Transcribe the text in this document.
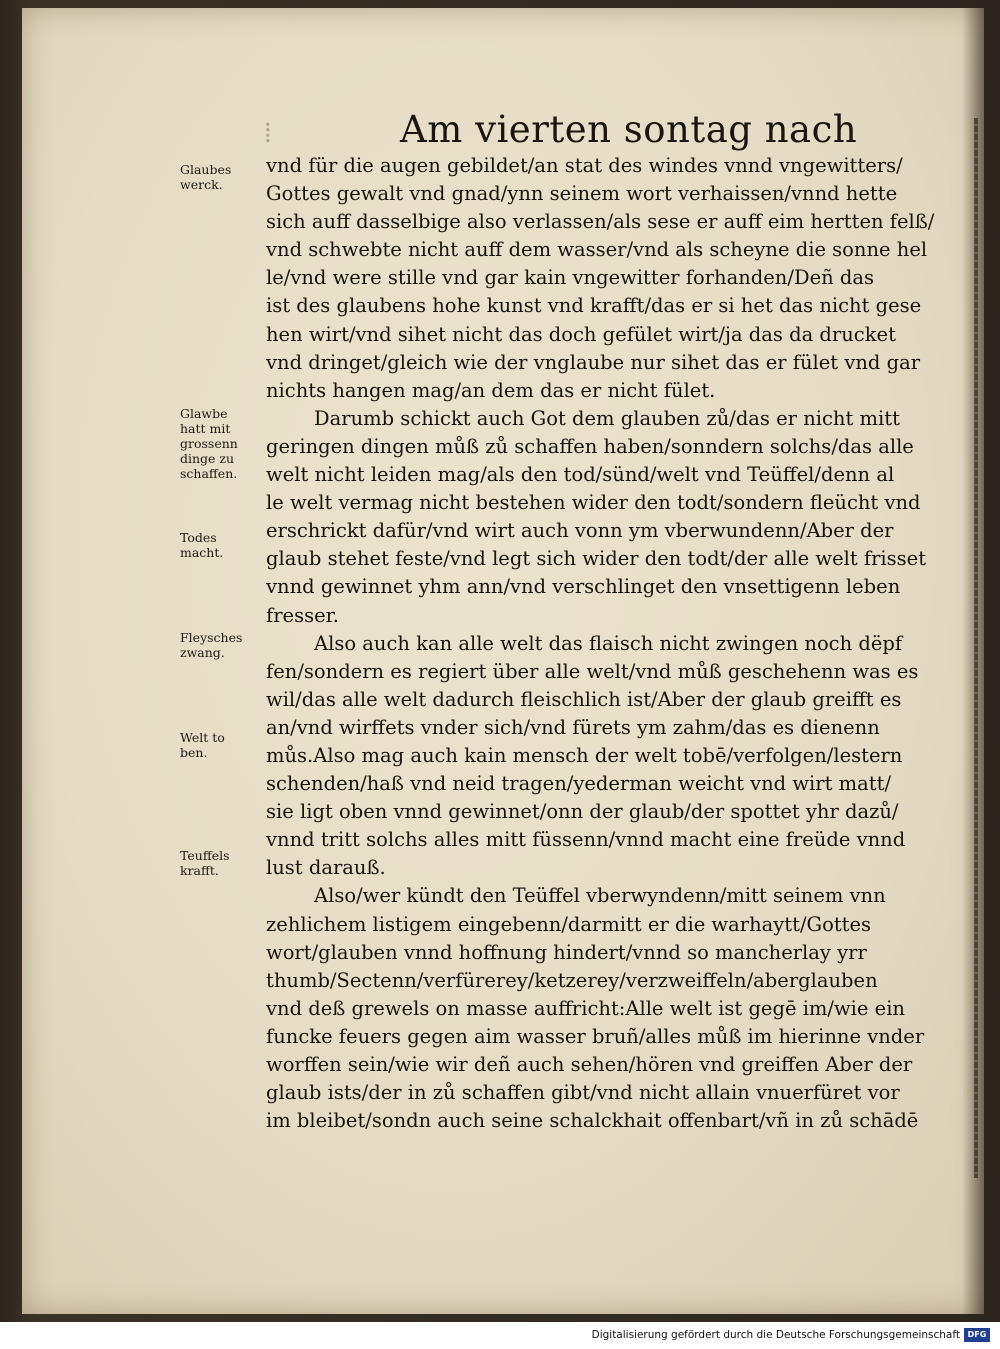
⁞	Am vierten sontag nach
Glaubes
werck.
Glawbe
hatt mit
grossenn
dinge zu
schaffen.
Todes
macht.
Fleysches
zwang.
Welt to
ben.
Teuffels
krafft.
vnd für die augen gebildet/an stat des windes vnnd vngewitters/
Gottes gewalt vnd gnad/ynn seinem wort verhaissen/vnnd hette
sich auff dasselbige also verlassen/als sese er auff eim hertten felß/
vnd schwebte nicht auff dem wasser/vnd als scheyne die sonne hel
le/vnd were stille vnd gar kain vngewitter forhanden/Deñ das
ist des glaubens hohe kunst vnd krafft/das er si het das nicht gese
hen wirt/vnd sihet nicht das doch gefület wirt/ja das da drucket
vnd dringet/gleich wie der vnglaube nur sihet das er fület vnd gar
nichts hangen mag/an dem das er nicht fület.
Darumb schickt auch Got dem glauben zů/das er nicht mitt
geringen dingen můß zů schaffen haben/sonndern solchs/das alle
welt nicht leiden mag/als den tod/sünd/welt vnd Teüffel/denn al
le welt vermag nicht bestehen wider den todt/sondern fleücht vnd
erschrickt dafür/vnd wirt auch vonn ym vberwundenn/Aber der
glaub stehet feste/vnd legt sich wider den todt/der alle welt frisset
vnnd gewinnet yhm ann/vnd verschlinget den vnsettigenn leben
fresser.
Also auch kan alle welt das flaisch nicht zwingen noch dëpf
fen/sondern es regiert über alle welt/vnd můß geschehenn was es
wil/das alle welt dadurch fleischlich ist/Aber der glaub greifft es
an/vnd wirffets vnder sich/vnd fürets ym zahm/das es dienenn
můs.Also mag auch kain mensch der welt tobē/verfolgen/lestern
schenden/haß vnd neid tragen/yederman weicht vnd wirt matt/
sie ligt oben vnnd gewinnet/onn der glaub/der spottet yhr dazů/
vnnd tritt solchs alles mitt füssenn/vnnd macht eine freüde vnnd
lust darauß.
Also/wer kündt den Teüffel vberwyndenn/mitt seinem vnn
zehlichem listigem eingebenn/darmitt er die warhaytt/Gottes
wort/glauben vnnd hoffnung hindert/vnnd so mancherlay yrr
thumb/Sectenn/verfürerey/ketzerey/verzweiffeln/aberglauben
vnd deß grewels on masse auffricht:Alle welt ist gegē im/wie ein
funcke feuers gegen aim wasser bruñ/alles můß im hierinne vnder
worffen sein/wie wir deñ auch sehen/hören vnd greiffen Aber der
glaub ists/der in zů schaffen gibt/vnd nicht allain vnuerfüret vor
im bleibet/sondn auch seine schalckhait offenbart/vñ in zů schādē
Digitalisierung gefördert durch die Deutsche Forschungsgemeinschaft DFG
